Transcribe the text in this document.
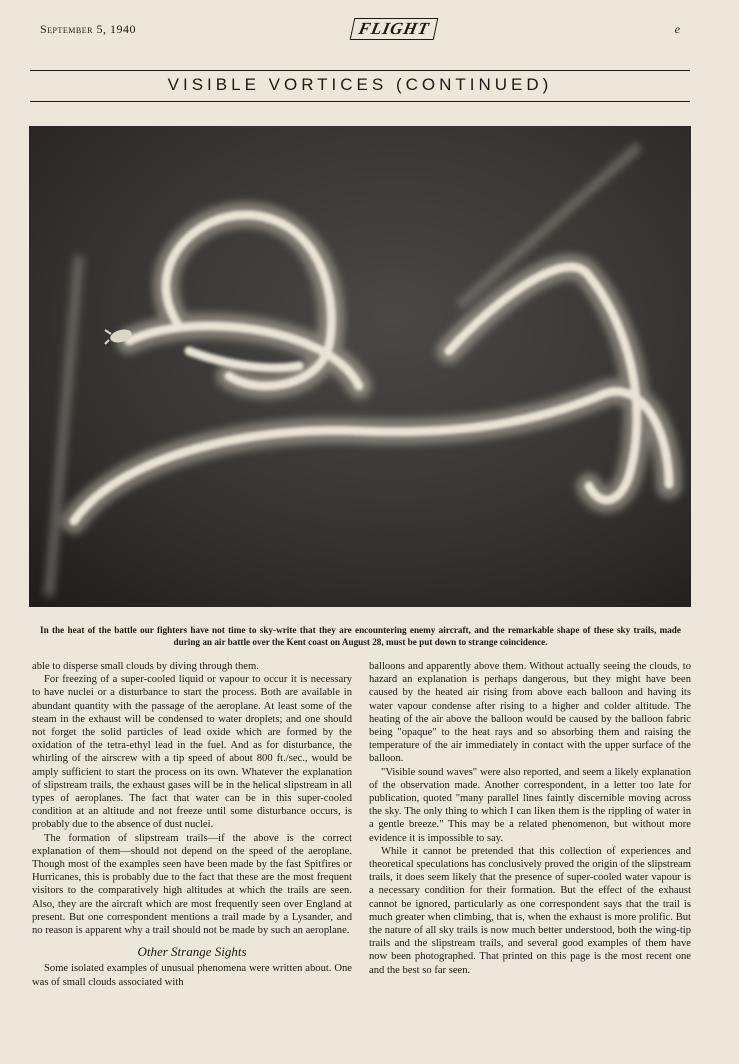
September 5, 1940	FLIGHT	e
VISIBLE VORTICES (CONTINUED)
In the heat of the battle our fighters have not time to sky-write that they are encountering enemy aircraft, and the remarkable shape of these sky trails, made during an air battle over the Kent coast on August 28, must be put down to strange coincidence.

able to disperse small clouds by diving through them.

For freezing of a super-cooled liquid or vapour to occur it is necessary to have nuclei or a disturbance to start the process. Both are available in abundant quantity with the passage of the aeroplane. At least some of the steam in the exhaust will be condensed to water droplets; and one should not forget the solid particles of lead oxide which are formed by the oxidation of the tetra-ethyl lead in the fuel. And as for disturbance, the whirling of the airscrew with a tip speed of about 800 ft./sec., would be amply sufficient to start the process on its own. Whatever the explanation of slipstream trails, the exhaust gases will be in the helical slipstream in all types of aeroplanes. The fact that water can be in this super-cooled condition at an altitude and not freeze until some disturbance occurs, is probably due to the absence of dust nuclei.

The formation of slipstream trails—if the above is the correct explanation of them—should not depend on the speed of the aeroplane. Though most of the examples seen have been made by the fast Spitfires or Hurricanes, this is probably due to the fact that these are the most frequent visitors to the comparatively high altitudes at which the trails are seen. Also, they are the aircraft which are most frequently seen over England at present. But one correspondent mentions a trail made by a Lysander, and no reason is apparent why a trail should not be made by such an aeroplane.

Other Strange Sights

Some isolated examples of unusual phenomena were written about. One was of small clouds associated with

balloons and apparently above them. Without actually seeing the clouds, to hazard an explanation is perhaps dangerous, but they might have been caused by the heated air rising from above each balloon and having its water vapour condense after rising to a higher and colder altitude. The heating of the air above the balloon would be caused by the balloon fabric being "opaque" to the heat rays and so absorbing them and raising the temperature of the air immediately in contact with the upper surface of the balloon.

"Visible sound waves" were also reported, and seem a likely explanation of the observation made. Another correspondent, in a letter too late for publication, quoted "many parallel lines faintly discernible moving across the sky. The only thing to which I can liken them is the rippling of water in a gentle breeze." This may be a related phenomenon, but without more evidence it is impossible to say.

While it cannot be pretended that this collection of experiences and theoretical speculations has conclusively proved the origin of the slipstream trails, it does seem likely that the presence of super-cooled water vapour is a necessary condition for their formation. But the effect of the exhaust cannot be ignored, particularly as one correspondent says that the trail is much greater when climbing, that is, when the exhaust is more prolific. But the nature of all sky trails is now much better understood, both the wing-tip trails and the slipstream trails, and several good examples of them have now been photographed. That printed on this page is the most recent one and the best so far seen.
